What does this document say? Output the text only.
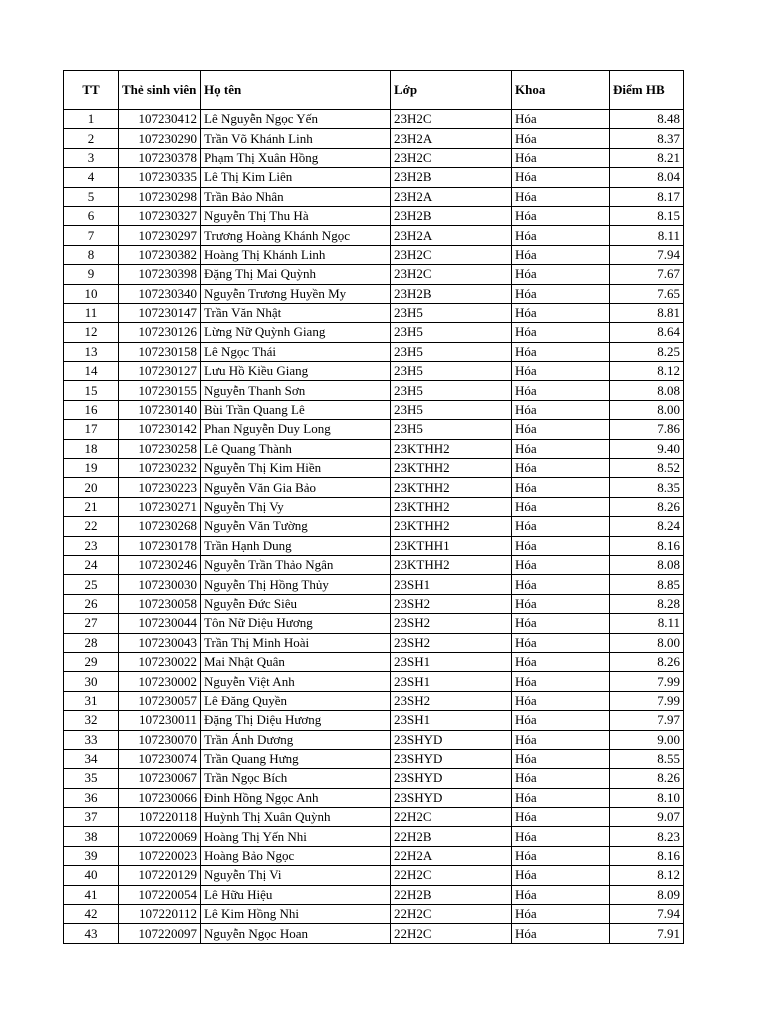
TT	Thẻ sinh viên	Họ tên	Lớp	Khoa	Điểm HB
1	107230412	Lê Nguyễn Ngọc Yến	23H2C	Hóa	8.48
2	107230290	Trần Võ Khánh Linh	23H2A	Hóa	8.37
3	107230378	Phạm Thị Xuân Hồng	23H2C	Hóa	8.21
4	107230335	Lê Thị Kim Liên	23H2B	Hóa	8.04
5	107230298	Trần Bảo Nhân	23H2A	Hóa	8.17
6	107230327	Nguyễn Thị Thu Hà	23H2B	Hóa	8.15
7	107230297	Trương Hoàng Khánh Ngọc	23H2A	Hóa	8.11
8	107230382	Hoàng Thị Khánh Linh	23H2C	Hóa	7.94
9	107230398	Đặng Thị Mai Quỳnh	23H2C	Hóa	7.67
10	107230340	Nguyễn Trương Huyền My	23H2B	Hóa	7.65
11	107230147	Trần Văn Nhật	23H5	Hóa	8.81
12	107230126	Lừng Nữ Quỳnh Giang	23H5	Hóa	8.64
13	107230158	Lê Ngọc Thái	23H5	Hóa	8.25
14	107230127	Lưu Hồ Kiều Giang	23H5	Hóa	8.12
15	107230155	Nguyễn Thanh Sơn	23H5	Hóa	8.08
16	107230140	Bùi Trần Quang Lê	23H5	Hóa	8.00
17	107230142	Phan Nguyễn Duy Long	23H5	Hóa	7.86
18	107230258	Lê Quang Thành	23KTHH2	Hóa	9.40
19	107230232	Nguyễn Thị Kim Hiền	23KTHH2	Hóa	8.52
20	107230223	Nguyễn Văn Gia Bảo	23KTHH2	Hóa	8.35
21	107230271	Nguyễn Thị Vy	23KTHH2	Hóa	8.26
22	107230268	Nguyễn Văn Tường	23KTHH2	Hóa	8.24
23	107230178	Trần Hạnh Dung	23KTHH1	Hóa	8.16
24	107230246	Nguyễn Trần Thảo Ngân	23KTHH2	Hóa	8.08
25	107230030	Nguyễn Thị Hồng Thủy	23SH1	Hóa	8.85
26	107230058	Nguyễn Đức Siêu	23SH2	Hóa	8.28
27	107230044	Tôn Nữ Diệu Hương	23SH2	Hóa	8.11
28	107230043	Trần Thị Minh Hoài	23SH2	Hóa	8.00
29	107230022	Mai Nhật Quân	23SH1	Hóa	8.26
30	107230002	Nguyễn Việt Anh	23SH1	Hóa	7.99
31	107230057	Lê Đăng Quyền	23SH2	Hóa	7.99
32	107230011	Đặng Thị Diệu Hương	23SH1	Hóa	7.97
33	107230070	Trần Ánh Dương	23SHYD	Hóa	9.00
34	107230074	Trần Quang Hưng	23SHYD	Hóa	8.55
35	107230067	Trần Ngọc Bích	23SHYD	Hóa	8.26
36	107230066	Đinh Hồng Ngọc Anh	23SHYD	Hóa	8.10
37	107220118	Huỳnh Thị Xuân Quỳnh	22H2C	Hóa	9.07
38	107220069	Hoàng Thị Yến Nhi	22H2B	Hóa	8.23
39	107220023	Hoàng Bảo Ngọc	22H2A	Hóa	8.16
40	107220129	Nguyễn Thị Vi	22H2C	Hóa	8.12
41	107220054	Lê Hữu Hiệu	22H2B	Hóa	8.09
42	107220112	Lê Kim Hồng Nhi	22H2C	Hóa	7.94
43	107220097	Nguyễn Ngọc Hoan	22H2C	Hóa	7.91
